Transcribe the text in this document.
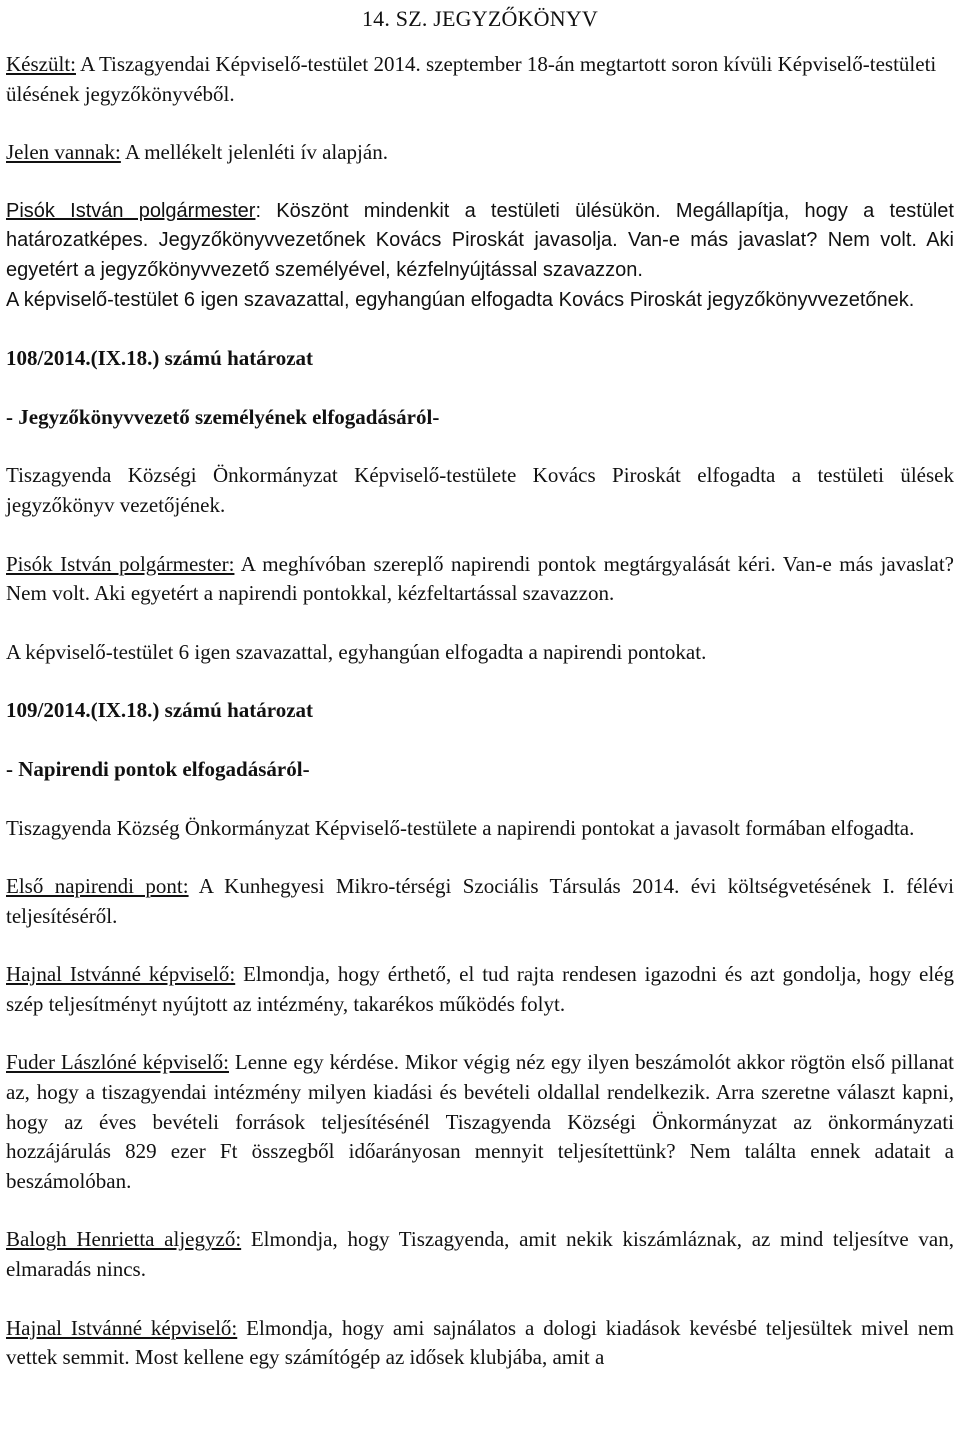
14. SZ. JEGYZŐKÖNYV

Készült: A Tiszagyendai Képviselő-testület 2014. szeptember 18-án megtartott soron kívüli Képviselő-testületi ülésének jegyzőkönyvéből.

Jelen vannak: A mellékelt jelenléti ív alapján.

Pisók István polgármester: Köszönt mindenkit a testületi ülésükön. Megállapítja, hogy a testület határozatképes. Jegyzőkönyvvezetőnek Kovács Piroskát javasolja. Van-e más javaslat? Nem volt. Aki egyetért a jegyzőkönyvvezető személyével, kézfelnyújtással szavazzon.

A képviselő-testület 6 igen szavazattal, egyhangúan elfogadta Kovács Piroskát jegyzőkönyvvezetőnek.

108/2014.(IX.18.) számú határozat

- Jegyzőkönyvvezető személyének elfogadásáról-

Tiszagyenda Községi Önkormányzat Képviselő-testülete Kovács Piroskát elfogadta a testületi ülések jegyzőkönyv vezetőjének.

Pisók István polgármester: A meghívóban szereplő napirendi pontok megtárgyalását kéri. Van-e más javaslat? Nem volt. Aki egyetért a napirendi pontokkal, kézfeltartással szavazzon.

A képviselő-testület 6 igen szavazattal, egyhangúan elfogadta a napirendi pontokat.

109/2014.(IX.18.) számú határozat

- Napirendi pontok elfogadásáról-

Tiszagyenda Község Önkormányzat Képviselő-testülete a napirendi pontokat a javasolt formában elfogadta.

Első napirendi pont: A Kunhegyesi Mikro-térségi Szociális Társulás 2014. évi költségvetésének I. félévi teljesítéséről.

Hajnal Istvánné képviselő: Elmondja, hogy érthető, el tud rajta rendesen igazodni és azt gondolja, hogy elég szép teljesítményt nyújtott az intézmény, takarékos működés folyt.

Fuder Lászlóné képviselő: Lenne egy kérdése. Mikor végig néz egy ilyen beszámolót akkor rögtön első pillanat az, hogy a tiszagyendai intézmény milyen kiadási és bevételi oldallal rendelkezik. Arra szeretne választ kapni, hogy az éves bevételi források teljesítésénél Tiszagyenda Községi Önkormányzat az önkormányzati hozzájárulás 829 ezer Ft összegből időarányosan mennyit teljesítettünk? Nem találta ennek adatait a beszámolóban.

Balogh Henrietta aljegyző: Elmondja, hogy Tiszagyenda, amit nekik kiszámláznak, az mind teljesítve van, elmaradás nincs.

Hajnal Istvánné képviselő: Elmondja, hogy ami sajnálatos a dologi kiadások kevésbé teljesültek mivel nem vettek semmit. Most kellene egy számítógép az idősek klubjába, amit a
